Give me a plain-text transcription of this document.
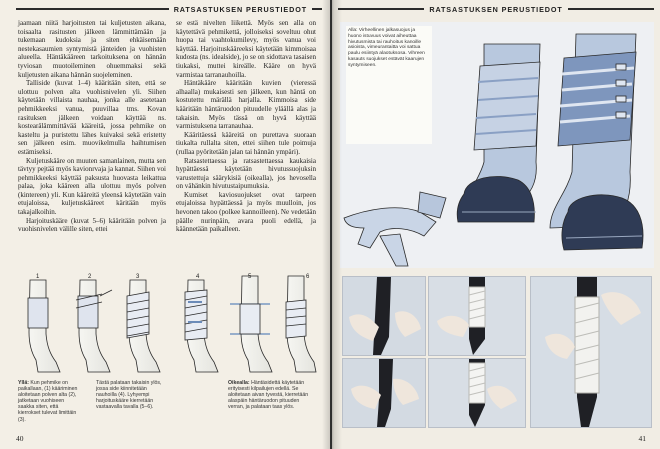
RATSASTUKSEN PERUSTIEDOT

jaamaan niitä harjoitusten tai kuljetusten aikana, toisaalta rasitusten jälkeen lämmittämään ja tukemaan kudoksia ja siten ehkäisemään nestekasaumien syntymistä jänteiden ja vuohisten alueella. Häntäkääreen tarkoituksena on hännän tyviosan muotoileminen ohuemmaksi sekä kuljetusten aikana hännän suojeleminen.

Talliside (kuvat 1–4) kääritään siten, että se ulottuu polven alta vuohisnivelen yli. Siihen käytetään villaista nauhaa, jonka alle asetetaan pehmikkeeksi vanua, puuvillaa tms. Kovan rasituksen jälkeen voidaan käyttää ns. kostearälämmittävää kääreitä, jossa pehmike on kasteltu ja puristettu lähes kuivaksi sekä eristetty sen jälkeen esim. muovikelmulla haihtumisen estämiseksi.

Kuljetuskääre on muuten samanlainen, mutta sen tävtyy pejtää myös kavionrvaja ja kannat. Siihen voi pehmikkeeksi käyttää paksusta huovasta leikattua palaa, joka kääreen alla ulottuu myös polven (kintereen) yli. Kun kääreitä yleensä käytetään vain etujaloissa, kuljetuskääreet käritään myös takajalkoihin.

Harjoituskääre (kuvat 5–6) kääritään polven ja vuohisnivelen välille siten, ettei

se estä nivelten liikettä. Myös sen alla on käytettävä pehmikettä, jolloiseksi soveltuu ohut huopa tai vaahtokumilevy, myös vanua voi käyttää. Harjoituskääreeksi käytetään kimmoisaa kudosta (ns. idealside), jo se on sidottava tasaisen tiukaksi, muttei kireälle. Kääre on hyvä varmistaa tarranauhoilla.

Häntäkääre kääritään kuvien (vieressä alhaalla) mukaisesti sen jälkeen, kun häntä on kostutettu märällä harjalla. Kimmoisa side kääritään häntäruodon pituudelle yläällä alas ja takaisin. Myös tässä on hyvä käyttää varmistuksena tarranauhaa.

Kääritäessä kääreitä on purettava suoraan tiukalta rullalta siten, ettei siihen tule poimuja (rullaa pyöritetään jalan tai hännän ympäri).

Ratsastettaessa ja ratsastettaessa kaukaisia hypättäessä käytetään hivutussuojuksin varustettuja säärykisiä (oikealla), jos hevosella on vähänkin hivutustaipumuksia.

Kumiset kaviosuojukset ovat tarpeen etujaloissa hypättäessä ja myös muulloin, jos hevonen takoo (polkee kannoilleen). Ne vedetään päälle nurinpäin, avara puoli edellä, ja käännetään paikalleen.

1	2	3	4	5	6
Yllä: Kun pehmike on paikallaan, (1) kääriminen aloitetaan polven alta (2), jatketaan vuohiseen saakka siten, että kierrokset tulevat limittäin (3).
Tästä palataan takaisin ylös, jossa side kiinnitetään nauhoilla (4). Lyhyempi harjoituskääre kierretään vastaavalla tavalla (5–6).
Oikealla: Häntäsidettä käytetään erityisesti kilpailujen edellä. Se aloitetaan aivan tyvestä, kierretään alaspäin häntäruodon pituuden verran, ja palataan taas ylös.
40
RATSASTUKSEN PERUSTIEDOT
Alla: Virheellinen jalkasuojus ja huono istuvuus voivat aiheuttaa hivutusmista tai rauhoitus kanoille asioista, vimeurantaitta voi sattua paulu esiintyä alaotuksosa. Vihreen kasauts suojukset estävät kaarujen syntymiseen.
41
